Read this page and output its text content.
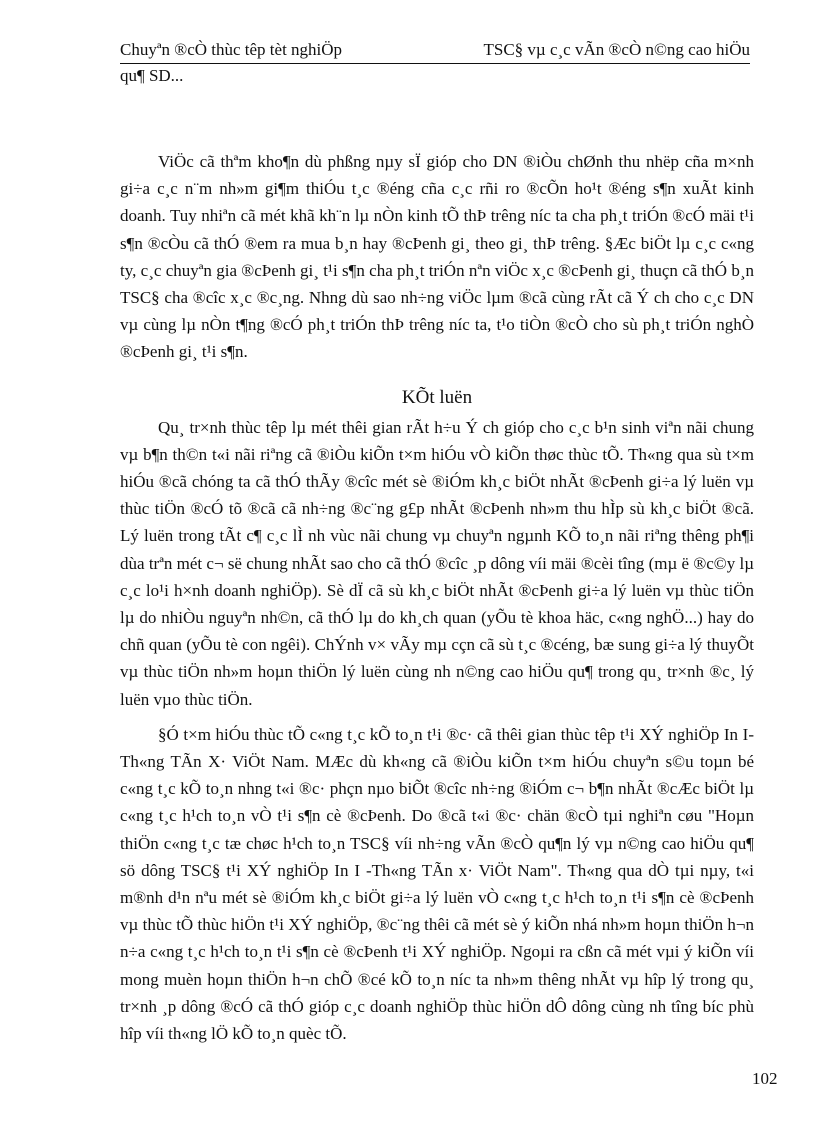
Chuyªn ®cÒ thùc têp tèt nghiÖp	TSC§ vµ c¸c vÃn ®cÒ n©ng cao hiÖu
qu¶ SD...

ViÖc cã thªm kho¶n dù phßng nµy sÏ gióp cho DN ®iÒu chØnh thu nhëp cña m×nh gi÷a c¸c n¨m nh»m gi¶m thiÓu t¸c ®éng cña c¸c rñi ro ®cÕn ho¹t ®éng s¶n xuÃt kinh doanh. Tuy nhiªn cã mét khã kh¨n lµ nÒn kinh tÕ thÞ trêng níc ta cha ph¸t triÓn ®cÓ mäi t¹i s¶n ®cÒu cã thÓ ®em ra mua b¸n hay ®cÞenh gi¸ theo gi¸ thÞ trêng. §Æc biÖt lµ c¸c c«ng ty, c¸c chuyªn gia ®cÞenh gi¸ t¹i s¶n cha ph¸t triÓn nªn viÖc x¸c ®cÞenh gi¸ thuçn cã thÓ b¸n TSC§ cha ®cîc x¸c ®c¸ng. Nhng dù sao nh÷ng viÖc lµm ®cã cùng rÃt cã Ý ch cho c¸c DN vµ cùng lµ nÒn t¶ng ®cÓ ph¸t triÓn thÞ trêng níc ta, t¹o tiÒn ®cÒ cho sù ph¸t triÓn nghÒ ®cÞenh gi¸ t¹i s¶n.

KÕt luën

Qu¸ tr×nh thùc têp lµ mét thêi gian rÃt h÷u Ý ch gióp cho c¸c b¹n sinh viªn nãi chung vµ b¶n th©n t«i nãi riªng cã ®iÒu kiÕn t×m hiÓu vÒ kiÕn thøc thùc tÕ. Th«ng qua sù t×m hiÓu ®cã chóng ta cã thÓ thÃy ®cîc mét sè ®iÓm kh¸c biÖt nhÃt ®cÞenh gi÷a lý luën vµ thùc tiÖn ®cÓ tõ ®cã cã nh÷ng ®c¨ng g£p nhÃt ®cÞenh nh»m thu hÌp sù kh¸c biÖt ®cã. Lý luën trong tÃt c¶ c¸c lÌ nh vùc nãi chung vµ chuyªn ngµnh KÕ to¸n nãi riªng thêng ph¶i dùa trªn mét c¬ së chung nhÃt sao cho cã thÓ ®cîc ¸p dông víi mäi ®cèi tîng (mµ ë ®c©y lµ c¸c lo¹i h×nh doanh nghiÖp). Sè dÏ cã sù kh¸c biÖt nhÃt ®cÞenh gi÷a lý luën vµ thùc tiÖn lµ do nhiÒu nguyªn nh©n, cã thÓ lµ do kh¸ch quan (yÕu tè khoa häc, c«ng nghÖ...) hay do chñ quan (yÕu tè con ngêi). ChÝnh v× vÃy mµ cçn cã sù t¸c ®céng, bæ sung gi÷a lý thuyÕt vµ thùc tiÖn nh»m hoµn thiÖn lý luën cùng nh n©ng cao hiÖu qu¶ trong qu¸ tr×nh ®c¸ lý luën vµo thùc tiÖn.

§Ó t×m hiÓu thùc tÕ c«ng t¸c kÕ to¸n t¹i ®c· cã thêi gian thùc têp t¹i XÝ nghiÖp In I- Th«ng TÃn X· ViÖt Nam. MÆc dù kh«ng cã ®iÒu kiÕn t×m hiÓu chuyªn s©u toµn bé c«ng t¸c kÕ to¸n nhng t«i ®c· phçn nµo biÕt ®cîc nh÷ng ®iÓm c¬ b¶n nhÃt ®cÆc biÖt lµ c«ng t¸c h¹ch to¸n vÒ t¹i s¶n cè ®cÞenh. Do ®cã t«i ®c· chän ®cÒ tµi nghiªn cøu "Hoµn thiÖn c«ng t¸c tæ chøc h¹ch to¸n TSC§ víi nh÷ng vÃn ®cÒ qu¶n lý vµ n©ng cao hiÖu qu¶ sö dông TSC§ t¹i XÝ nghiÖp In I -Th«ng TÃn x· ViÖt Nam". Th«ng qua dÒ tµi nµy, t«i m®nh d¹n nªu mét sè ®iÓm kh¸c biÖt gi÷a lý luën vÒ c«ng t¸c h¹ch to¸n t¹i s¶n cè ®cÞenh vµ thùc tÕ thùc hiÖn t¹i XÝ nghiÖp, ®c¨ng thêi cã mét sè ý kiÕn nhá nh»m hoµn thiÖn h¬n n÷a c«ng t¸c h¹ch to¸n t¹i s¶n cè ®cÞenh t¹i XÝ nghiÖp. Ngoµi ra cßn cã mét vµi ý kiÕn víi mong muèn hoµn thiÖn h¬n chÕ ®cé kÕ to¸n níc ta nh»m thêng nhÃt vµ hîp lý trong qu¸ tr×nh ¸p dông ®cÓ cã thÓ gióp c¸c doanh nghiÖp thùc hiÖn dÔ dông cùng nh tîng bíc phù hîp víi th«ng lÖ kÕ to¸n quèc tÕ.

102
